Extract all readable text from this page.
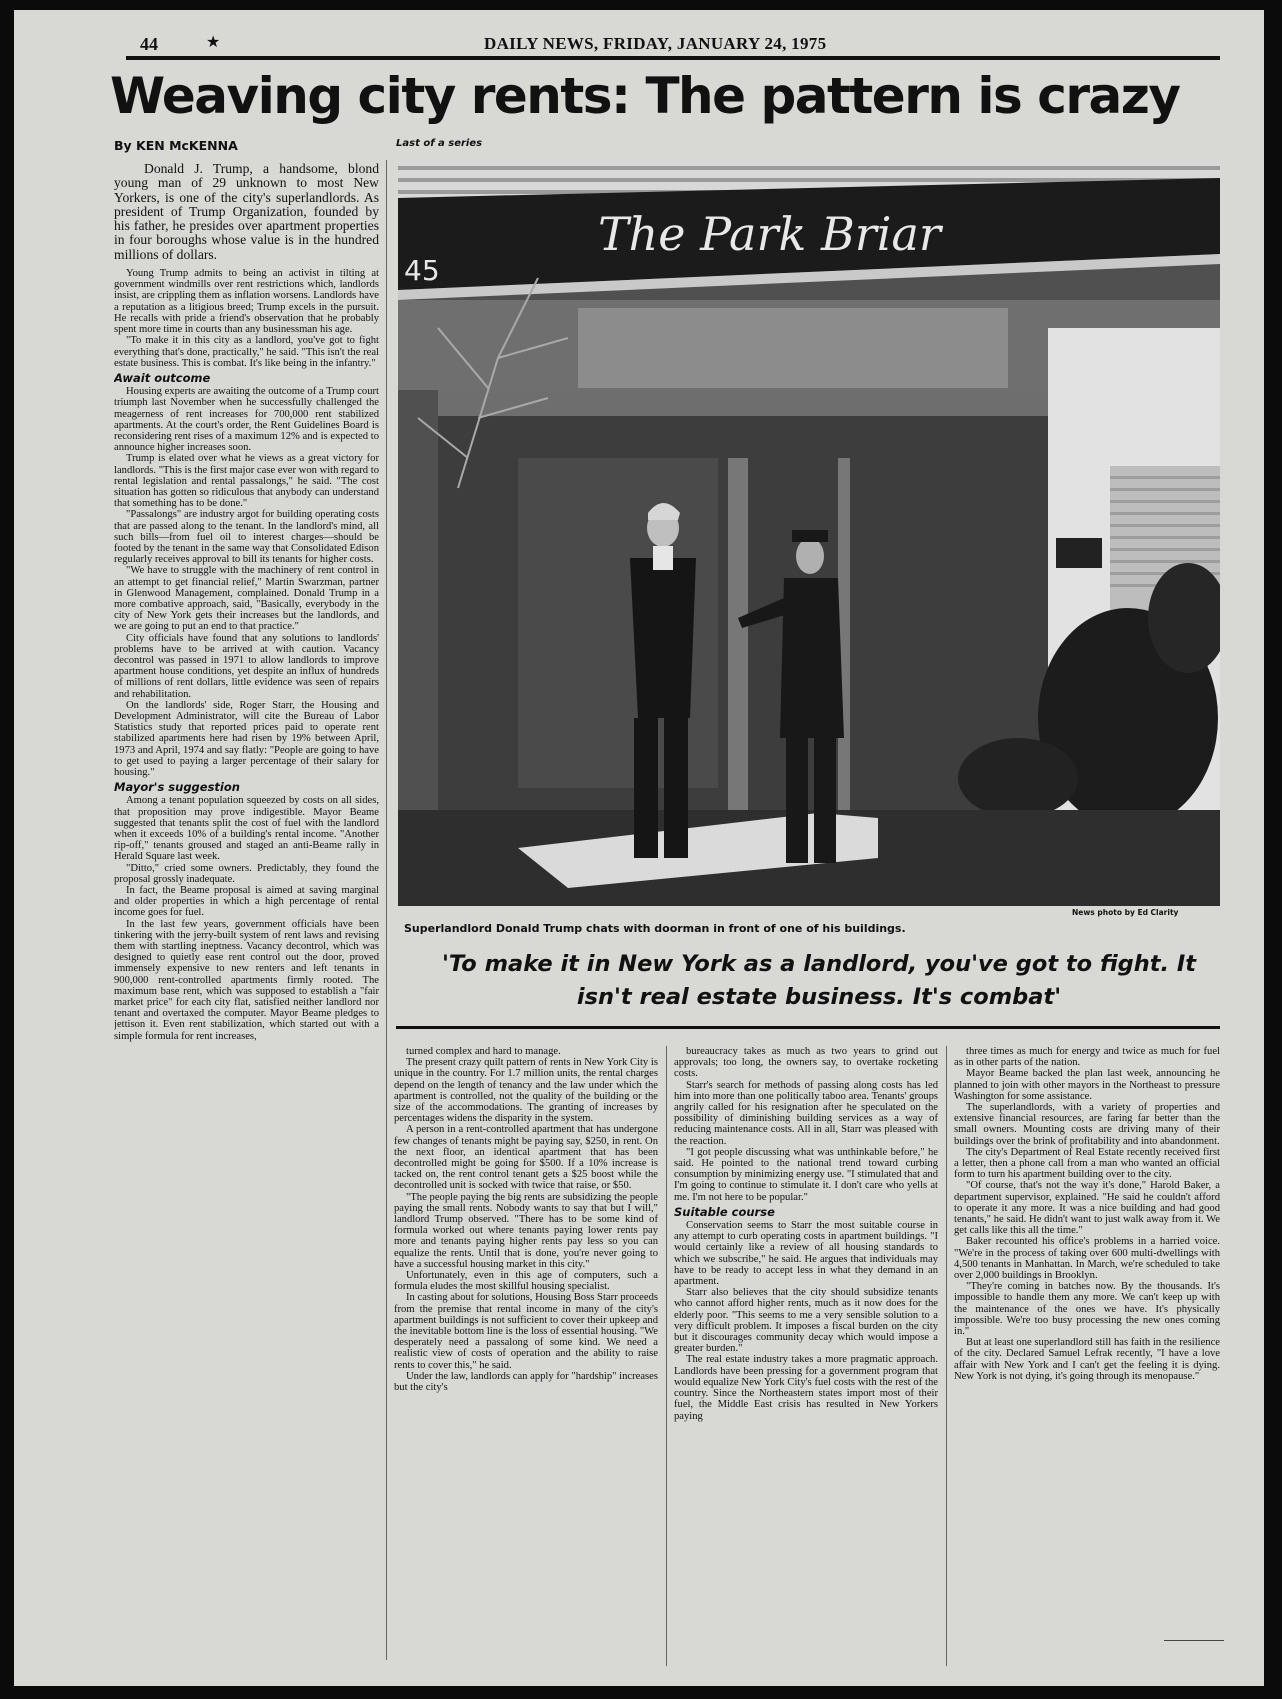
44	★	DAILY NEWS, FRIDAY, JANUARY 24, 1975
Weaving city rents: The pattern is crazy
By KEN McKENNA	Last of a series
The Park Briar
45
News photo by Ed Clarity
Superlandlord Donald Trump chats with doorman in front of one of his buildings.
'To make it in New York as a landlord, you've got to fight. It isn't real estate business. It's combat'

Donald J. Trump, a handsome, blond young man of 29 unknown to most New Yorkers, is one of the city's superlandlords. As president of Trump Organization, founded by his father, he presides over apartment properties in four boroughs whose value is in the hundred millions of dollars.

Young Trump admits to being an activist in tilting at government windmills over rent restrictions which, landlords insist, are crippling them as inflation worsens. Landlords have a reputation as a litigious breed; Trump excels in the pursuit. He recalls with pride a friend's observation that he probably spent more time in courts than any businessman his age.

"To make it in this city as a landlord, you've got to fight everything that's done, practically," he said. "This isn't the real estate business. This is combat. It's like being in the infantry."

Await outcome

Housing experts are awaiting the outcome of a Trump court triumph last November when he successfully challenged the meagerness of rent increases for 700,000 rent stabilized apartments. At the court's order, the Rent Guidelines Board is reconsidering rent rises of a maximum 12% and is expected to announce higher increases soon.

Trump is elated over what he views as a great victory for landlords. "This is the first major case ever won with regard to rental legislation and rental passalongs," he said. "The cost situation has gotten so ridiculous that anybody can understand that something has to be done."

"Passalongs" are industry argot for building operating costs that are passed along to the tenant. In the landlord's mind, all such bills—from fuel oil to interest charges—should be footed by the tenant in the same way that Consolidated Edison regularly receives approval to bill its tenants for higher costs.

"We have to struggle with the machinery of rent control in an attempt to get financial relief," Martin Swarzman, partner in Glenwood Management, complained. Donald Trump in a more combative approach, said, "Basically, everybody in the city of New York gets their increases but the landlords, and we are going to put an end to that practice."

City officials have found that any solutions to landlords' problems have to be arrived at with caution. Vacancy decontrol was passed in 1971 to allow landlords to improve apartment house conditions, yet despite an influx of hundreds of millions of rent dollars, little evidence was seen of repairs and rehabilitation.

On the landlords' side, Roger Starr, the Housing and Development Administrator, will cite the Bureau of Labor Statistics study that reported prices paid to operate rent stabilized apartments here had risen by 19% between April, 1973 and April, 1974 and say flatly: "People are going to have to get used to paying a larger percentage of their salary for housing."

Mayor's suggestion

Among a tenant population squeezed by costs on all sides, that proposition may prove indigestible. Mayor Beame suggested that tenants split the cost of fuel with the landlord when it exceeds 10% of a building's rental income. "Another rip-off," tenants groused and staged an anti-Beame rally in Herald Square last week.

"Ditto," cried some owners. Predictably, they found the proposal grossly inadequate.

In fact, the Beame proposal is aimed at saving marginal and older properties in which a high percentage of rental income goes for fuel.

In the last few years, government officials have been tinkering with the jerry-built system of rent laws and revising them with startling ineptness. Vacancy decontrol, which was designed to quietly ease rent control out the door, proved immensely expensive to new renters and left tenants in 900,000 rent-controlled apartments firmly rooted. The maximum base rent, which was supposed to establish a "fair market price" for each city flat, satisfied neither landlord nor tenant and overtaxed the computer. Mayor Beame pledges to jettison it. Even rent stabilization, which started out with a simple formula for rent increases,

turned complex and hard to manage.

The present crazy quilt pattern of rents in New York City is unique in the country. For 1.7 million units, the rental charges depend on the length of tenancy and the law under which the apartment is controlled, not the quality of the building or the size of the accommodations. The granting of increases by percentages widens the disparity in the system.

A person in a rent-controlled apartment that has undergone few changes of tenants might be paying say, $250, in rent. On the next floor, an identical apartment that has been decontrolled might be going for $500. If a 10% increase is tacked on, the rent control tenant gets a $25 boost while the decontrolled unit is socked with twice that raise, or $50.

"The people paying the big rents are subsidizing the people paying the small rents. Nobody wants to say that but I will," landlord Trump observed. "There has to be some kind of formula worked out where tenants paying lower rents pay more and tenants paying higher rents pay less so you can equalize the rents. Until that is done, you're never going to have a successful housing market in this city."

Unfortunately, even in this age of computers, such a formula eludes the most skillful housing specialist.

In casting about for solutions, Housing Boss Starr proceeds from the premise that rental income in many of the city's apartment buildings is not sufficient to cover their upkeep and the inevitable bottom line is the loss of essential housing. "We desperately need a passalong of some kind. We need a realistic view of costs of operation and the ability to raise rents to cover this," he said.

Under the law, landlords can apply for "hardship" increases but the city's

bureaucracy takes as much as two years to grind out approvals; too long, the owners say, to overtake rocketing costs.

Starr's search for methods of passing along costs has led him into more than one politically taboo area. Tenants' groups angrily called for his resignation after he speculated on the possibility of diminishing building services as a way of reducing maintenance costs. All in all, Starr was pleased with the reaction.

"I got people discussing what was unthinkable before," he said. He pointed to the national trend toward curbing consumption by minimizing energy use. "I stimulated that and I'm going to continue to stimulate it. I don't care who yells at me. I'm not here to be popular."

Suitable course

Conservation seems to Starr the most suitable course in any attempt to curb operating costs in apartment buildings. "I would certainly like a review of all housing standards to which we subscribe," he said. He argues that individuals may have to be ready to accept less in what they demand in an apartment.

Starr also believes that the city should subsidize tenants who cannot afford higher rents, much as it now does for the elderly poor. "This seems to me a very sensible solution to a very difficult problem. It imposes a fiscal burden on the city but it discourages community decay which would impose a greater burden."

The real estate industry takes a more pragmatic approach. Landlords have been pressing for a government program that would equalize New York City's fuel costs with the rest of the country. Since the Northeastern states import most of their fuel, the Middle East crisis has resulted in New Yorkers paying

three times as much for energy and twice as much for fuel as in other parts of the nation.

Mayor Beame backed the plan last week, announcing he planned to join with other mayors in the Northeast to pressure Washington for some assistance.

The superlandlords, with a variety of properties and extensive financial resources, are faring far better than the small owners. Mounting costs are driving many of their buildings over the brink of profitability and into abandonment.

The city's Department of Real Estate recently received first a letter, then a phone call from a man who wanted an official form to turn his apartment building over to the city.

"Of course, that's not the way it's done," Harold Baker, a department supervisor, explained. "He said he couldn't afford to operate it any more. It was a nice building and had good tenants," he said. He didn't want to just walk away from it. We get calls like this all the time."

Baker recounted his office's problems in a harried voice. "We're in the process of taking over 600 multi-dwellings with 4,500 tenants in Manhattan. In March, we're scheduled to take over 2,000 buildings in Brooklyn.

"They're coming in batches now. By the thousands. It's impossible to handle them any more. We can't keep up with the maintenance of the ones we have. It's physically impossible. We're too busy processing the new ones coming in."

But at least one superlandlord still has faith in the resilience of the city. Declared Samuel Lefrak recently, "I have a love affair with New York and I can't get the feeling it is dying. New York is not dying, it's going through its menopause."
